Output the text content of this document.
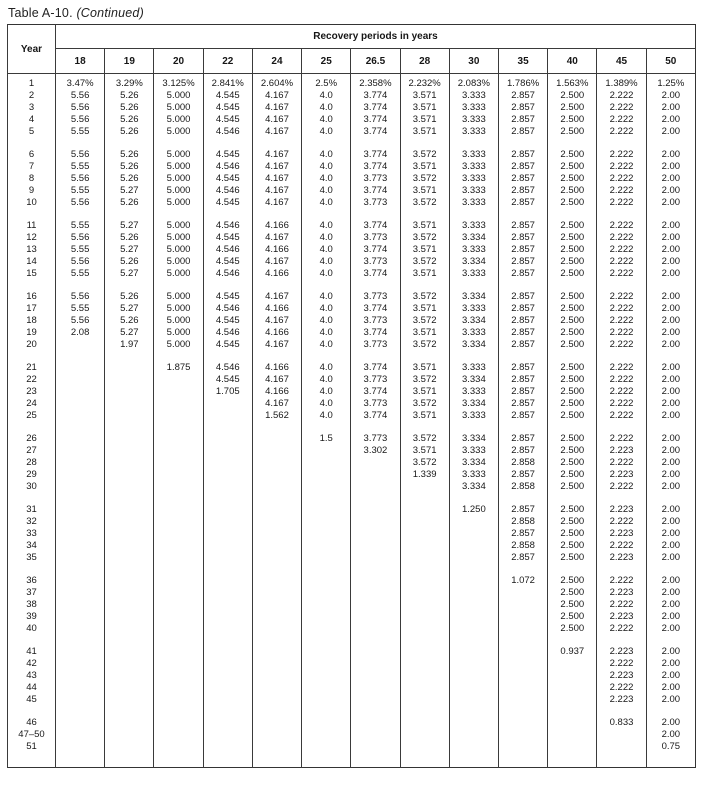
Table A-10. (Continued)
Year	Recovery periods in years												
	18	19	20	22	24	25	26.5	28	30	35	40	45	50

1	3.47%	3.29%	3.125%	2.841%	2.604%	2.5%	2.358%	2.232%	2.083%	1.786%	1.563%	1.389%	1.25%
2	5.56	5.26	5.000	4.545	4.167	4.0	3.774	3.571	3.333	2.857	2.500	2.222	2.00
3	5.56	5.26	5.000	4.545	4.167	4.0	3.774	3.571	3.333	2.857	2.500	2.222	2.00
4	5.56	5.26	5.000	4.545	4.167	4.0	3.774	3.571	3.333	2.857	2.500	2.222	2.00
5	5.55	5.26	5.000	4.546	4.167	4.0	3.774	3.571	3.333	2.857	2.500	2.222	2.00

6	5.56	5.26	5.000	4.545	4.167	4.0	3.774	3.572	3.333	2.857	2.500	2.222	2.00
7	5.55	5.26	5.000	4.546	4.167	4.0	3.774	3.571	3.333	2.857	2.500	2.222	2.00
8	5.56	5.26	5.000	4.545	4.167	4.0	3.773	3.572	3.333	2.857	2.500	2.222	2.00
9	5.55	5.27	5.000	4.546	4.167	4.0	3.774	3.571	3.333	2.857	2.500	2.222	2.00
10	5.56	5.26	5.000	4.545	4.167	4.0	3.773	3.572	3.333	2.857	2.500	2.222	2.00

11	5.55	5.27	5.000	4.546	4.166	4.0	3.774	3.571	3.333	2.857	2.500	2.222	2.00
12	5.56	5.26	5.000	4.545	4.167	4.0	3.773	3.572	3.334	2.857	2.500	2.222	2.00
13	5.55	5.27	5.000	4.546	4.166	4.0	3.774	3.571	3.333	2.857	2.500	2.222	2.00
14	5.56	5.26	5.000	4.545	4.167	4.0	3.773	3.572	3.334	2.857	2.500	2.222	2.00
15	5.55	5.27	5.000	4.546	4.166	4.0	3.774	3.571	3.333	2.857	2.500	2.222	2.00

16	5.56	5.26	5.000	4.545	4.167	4.0	3.773	3.572	3.334	2.857	2.500	2.222	2.00
17	5.55	5.27	5.000	4.546	4.166	4.0	3.774	3.571	3.333	2.857	2.500	2.222	2.00
18	5.56	5.26	5.000	4.545	4.167	4.0	3.773	3.572	3.334	2.857	2.500	2.222	2.00
19	2.08	5.27	5.000	4.546	4.166	4.0	3.774	3.571	3.333	2.857	2.500	2.222	2.00
20		1.97	5.000	4.545	4.167	4.0	3.773	3.572	3.334	2.857	2.500	2.222	2.00

21			1.875	4.546	4.166	4.0	3.774	3.571	3.333	2.857	2.500	2.222	2.00
22				4.545	4.167	4.0	3.773	3.572	3.334	2.857	2.500	2.222	2.00
23				1.705	4.166	4.0	3.774	3.571	3.333	2.857	2.500	2.222	2.00
24					4.167	4.0	3.773	3.572	3.334	2.857	2.500	2.222	2.00
25					1.562	4.0	3.774	3.571	3.333	2.857	2.500	2.222	2.00

26						1.5	3.773	3.572	3.334	2.857	2.500	2.222	2.00
27							3.302	3.571	3.333	2.857	2.500	2.223	2.00
28								3.572	3.334	2.858	2.500	2.222	2.00
29								1.339	3.333	2.857	2.500	2.223	2.00
30									3.334	2.858	2.500	2.222	2.00

31									1.250	2.857	2.500	2.223	2.00
32										2.858	2.500	2.222	2.00
33										2.857	2.500	2.223	2.00
34										2.858	2.500	2.222	2.00
35										2.857	2.500	2.223	2.00

36										1.072	2.500	2.222	2.00
37											2.500	2.223	2.00
38											2.500	2.222	2.00
39											2.500	2.223	2.00
40											2.500	2.222	2.00

41											0.937	2.223	2.00
42												2.222	2.00
43												2.223	2.00
44												2.222	2.00
45												2.223	2.00

46												0.833	2.00
47–50													2.00
51													0.75
